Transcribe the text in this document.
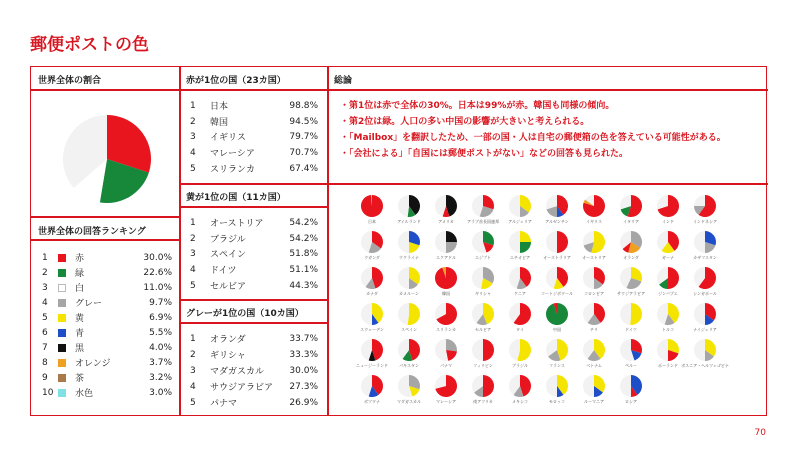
郵便ポストの色
世界全体の割合
世界全体の回答ランキング
赤が1位の国（23カ国）
黄が1位の国（11カ国）
グレーが1位の国（10カ国）
総論
1	赤	30.0%
2	緑	22.6%
3	白	11.0%
4	グレー	9.7%
5	黄	6.9%
6	青	5.5%
7	黒	4.0%
8	オレンジ	3.7%
9	茶	3.2%
10	水色	3.0%
1	日本	98.8%
2	韓国	94.5%
3	イギリス	79.7%
4	マレーシア	70.7%
5	スリランカ	67.4%
1	オーストリア	54.2%
2	ブラジル	54.2%
3	スペイン	51.8%
4	ドイツ	51.1%
5	セルビア	44.3%
1	オランダ	33.7%
2	ギリシャ	33.3%
3	マダガスカル	30.0%
4	サウジアラビア	27.3%
5	パナマ	26.9%
・第1位は赤で全体の30%。日本は99%が赤。韓国も同様の傾向。
・第2位は緑。人口の多い中国の影響が大きいと考えられる。
・「Mailbox」を翻訳したため、一部の国・人は自宅の郵便箱の色を答えている可能性がある。
・「会社による」「自国には郵便ポストがない」などの回答も見られた。
日本	アイルランド	アメリカ	アラブ首長国連邦 アルジェリア	アルゼンチン	イギリス	イタリア	インド	インドネシア
ウガンダ	ウクライナ	エクアドル	エジプト	エチオピア	オーストラリア	オーストリア	オランダ	ガーナ	カザフスタン
カナダ	カメルーン	韓国	ギリシャ	ケニア	コートジボワール	コロンビア	サウジアラビア	ジンバブエ	シンガポール
スウェーデン	スペイン	スリランカ	セルビア	タイ	中国	チリ	ドイツ	トルコ	ナイジェリア
ニュージーランド	パキスタン	パナマ	フィリピン	ブラジル	フランス	ベトナム	ペルー	ポーランド ボスニア・ヘルツェゴビナ
ボツワナ	マダガスカル	マレーシア	南アフリカ	メキシコ	モロッコ	ルーマニア	ロシア
70
